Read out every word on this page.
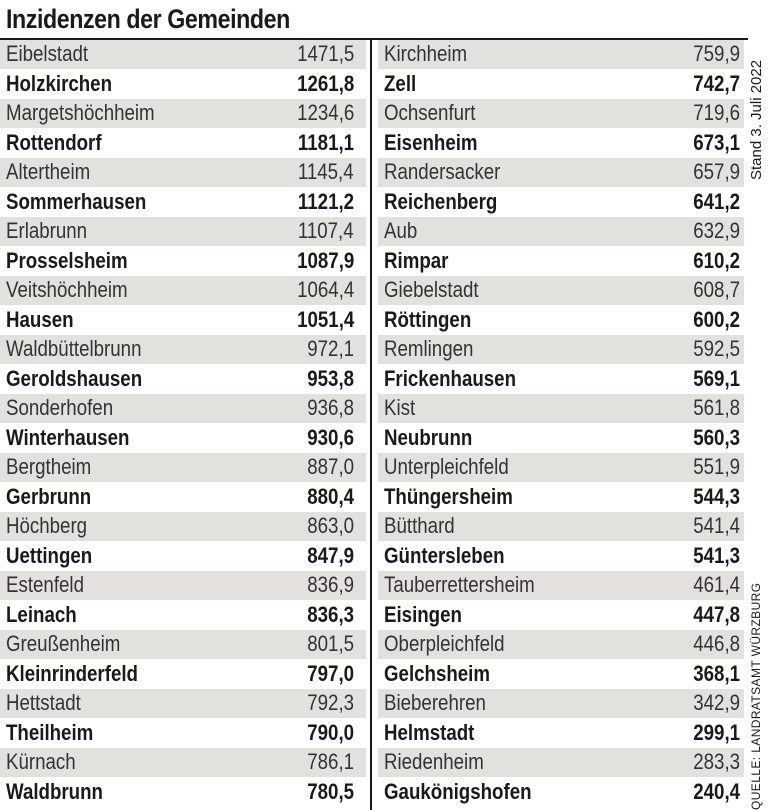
Inzidenzen der Gemeinden
Eibelstadt	1471,5
Holzkirchen	1261,8
Margetshöchheim	1234,6
Rottendorf	1181,1
Altertheim	1145,4
Sommerhausen	1121,2
Erlabrunn	1107,4
Prosselsheim	1087,9
Veitshöchheim	1064,4
Hausen	1051,4
Waldbüttelbrunn	972,1
Geroldshausen	953,8
Sonderhofen	936,8
Winterhausen	930,6
Bergtheim	887,0
Gerbrunn	880,4
Höchberg	863,0
Uettingen	847,9
Estenfeld	836,9
Leinach	836,3
Greußenheim	801,5
Kleinrinderfeld	797,0
Hettstadt	792,3
Theilheim	790,0
Kürnach	786,1
Waldbrunn	780,5
Kirchheim	759,9
Zell	742,7
Ochsenfurt	719,6
Eisenheim	673,1
Randersacker	657,9
Reichenberg	641,2
Aub	632,9
Rimpar	610,2
Giebelstadt	608,7
Röttingen	600,2
Remlingen	592,5
Frickenhausen	569,1
Kist	561,8
Neubrunn	560,3
Unterpleichfeld	551,9
Thüngersheim	544,3
Bütthard	541,4
Güntersleben	541,3
Tauberrettersheim	461,4
Eisingen	447,8
Oberpleichfeld	446,8
Gelchsheim	368,1
Bieberehren	342,9
Helmstadt	299,1
Riedenheim	283,3
Gaukönigshofen	240,4
Stand 3. Juli 2022
QUELLE: LANDRATSAMT WÜRZBURG
